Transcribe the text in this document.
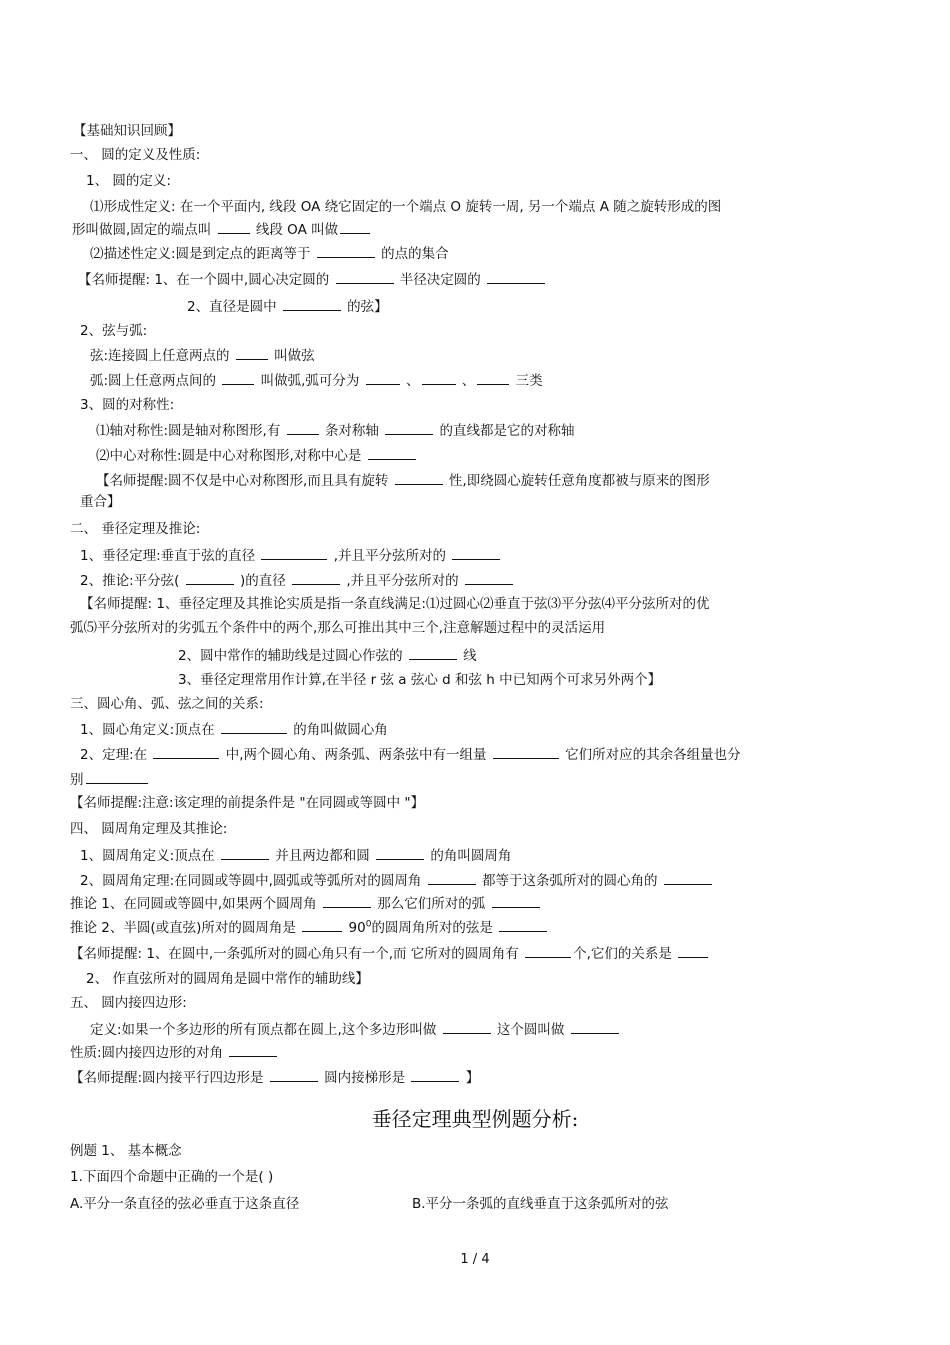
【基础知识回顾】
一、 圆的定义及性质:
1、 圆的定义:
⑴形成性定义: 在一个平面内, 线段 OA 绕它固定的一个端点 O 旋转一周, 另一个端点 A 随之旋转形成的图
形叫做圆,固定的端点叫	线段 OA 叫做
⑵描述性定义:圆是到定点的距离等于	的点的集合
【名师提醒: 1、在一个圆中,圆心决定圆的	半径决定圆的
2、直径是圆中	的弦】
2、弦与弧:
弦:连接圆上任意两点的	叫做弦
弧:圆上任意两点间的	叫做弧,弧可分为	、	、	三类
3、圆的对称性:
⑴轴对称性:圆是轴对称图形,有	条对称轴	的直线都是它的对称轴
⑵中心对称性:圆是中心对称图形,对称中心是
【名师提醒:圆不仅是中心对称图形,而且具有旋转	性,即绕圆心旋转任意角度都被与原来的图形
重合】
二、 垂径定理及推论:
1、垂径定理:垂直于弦的直径	,并且平分弦所对的
2、推论:平分弦(	)的直径	,并且平分弦所对的
【名师提醒: 1、垂径定理及其推论实质是指一条直线满足:⑴过圆心⑵垂直于弦⑶平分弦⑷平分弦所对的优
弧⑸平分弦所对的劣弧五个条件中的两个,那么可推出其中三个,注意解题过程中的灵活运用
2、圆中常作的辅助线是过圆心作弦的	线
3、垂径定理常用作计算,在半径 r 弦 a 弦心 d 和弦 h 中已知两个可求另外两个】
三、圆心角、弧、弦之间的关系:
1、圆心角定义:顶点在	的角叫做圆心角
2、定理:在	中,两个圆心角、两条弧、两条弦中有一组量	它们所对应的其余各组量也分
别
【名师提醒:注意:该定理的前提条件是 "在同圆或等圆中 "】
四、 圆周角定理及其推论:
1、圆周角定义:顶点在	并且两边都和圆	的角叫圆周角
2、圆周角定理:在同圆或等圆中,圆弧或等弧所对的圆周角	都等于这条弧所对的圆心角的
推论 1、在同圆或等圆中,如果两个圆周角	那么它们所对的弧
推论 2、半圆(或直弦)所对的圆周角是	$90^0$的圆周角所对的弦是
【名师提醒: 1、在圆中,一条弧所对的圆心角只有一个,而 它所对的圆周角有	个,它们的关系是
2、 作直弦所对的圆周角是圆中常作的辅助线】
五、 圆内接四边形:
定义:如果一个多边形的所有顶点都在圆上,这个多边形叫做	这个圆叫做
性质:圆内接四边形的对角
【名师提醒:圆内接平行四边形是	圆内接梯形是	】
垂径定理典型例题分析:
例题 1、 基本概念
1.下面四个命题中正确的一个是( )
A.平分一条直径的弦必垂直于这条直径	B.平分一条弧的直线垂直于这条弧所对的弦
1 / 4
